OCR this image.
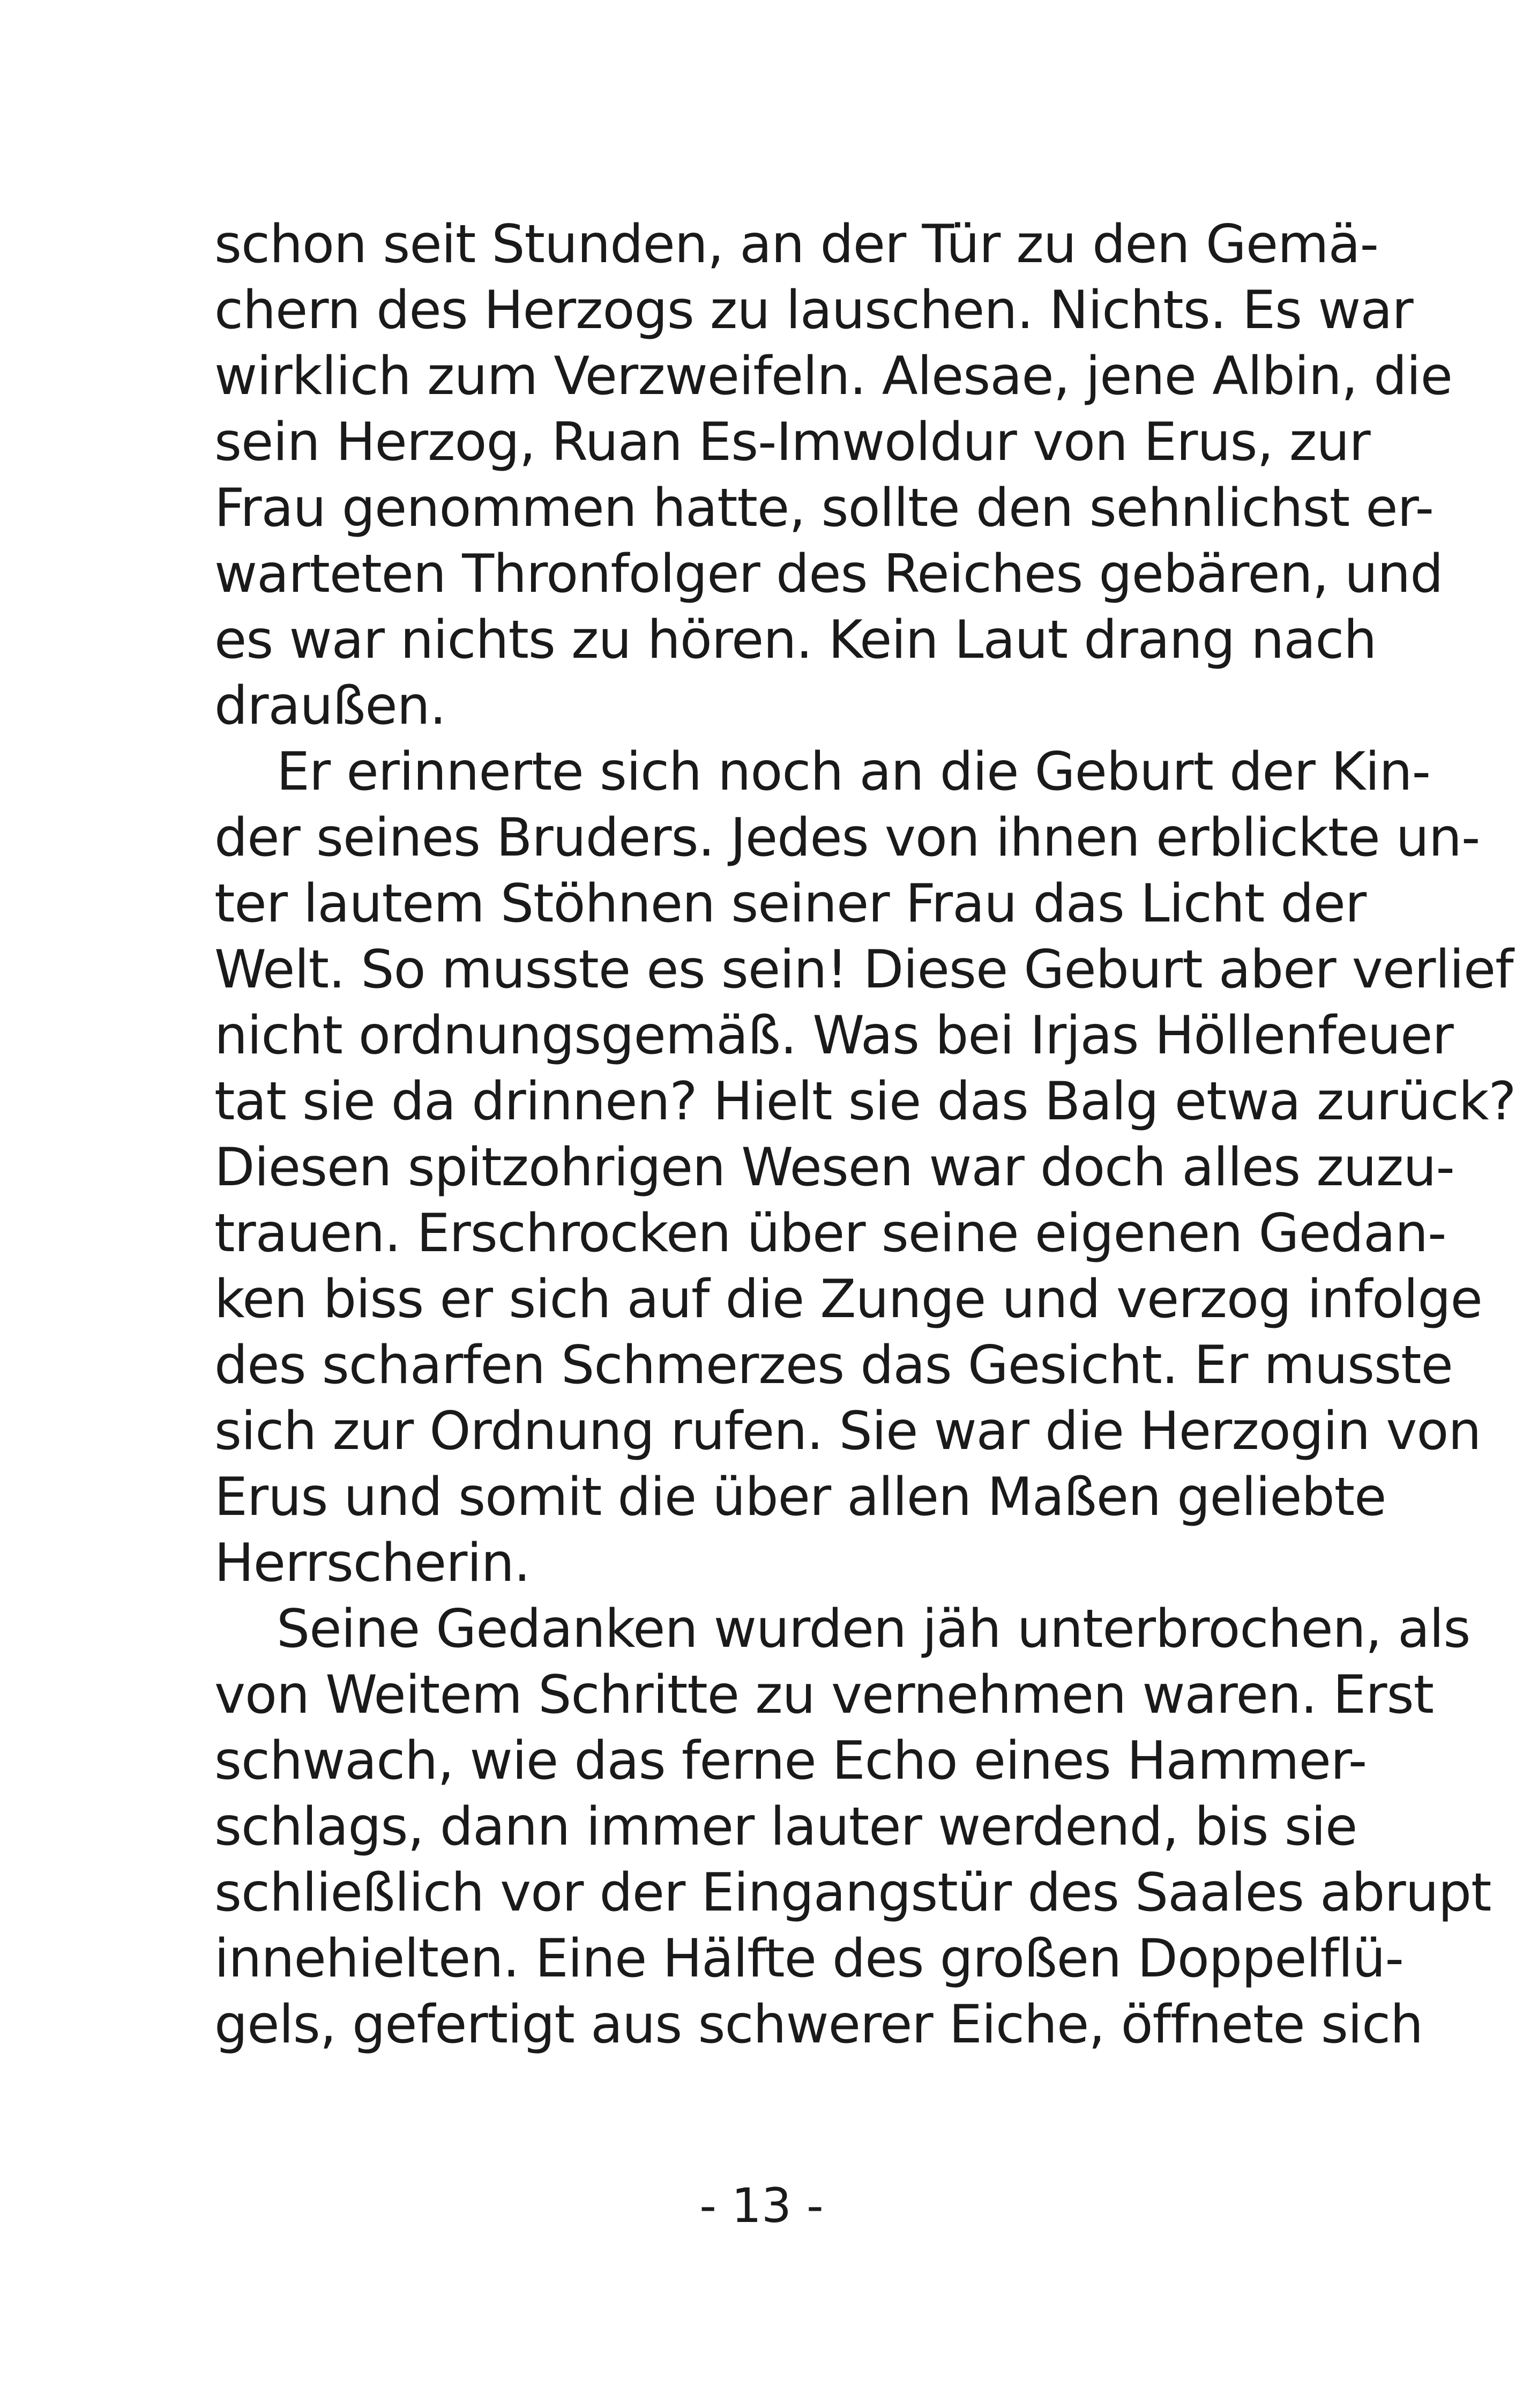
schon seit Stunden, an der Tür zu den Gemä-
chern des Herzogs zu lauschen. Nichts. Es war
wirklich zum Verzweifeln. Alesae, jene Albin, die
sein Herzog, Ruan Es-Imwoldur von Erus, zur
Frau genommen hatte, sollte den sehnlichst er-
warteten Thronfolger des Reiches gebären, und
es war nichts zu hören. Kein Laut drang nach
draußen.
Er erinnerte sich noch an die Geburt der Kin-
der seines Bruders. Jedes von ihnen erblickte un-
ter lautem Stöhnen seiner Frau das Licht der
Welt. So musste es sein! Diese Geburt aber verlief
nicht ordnungsgemäß. Was bei Irjas Höllenfeuer
tat sie da drinnen? Hielt sie das Balg etwa zurück?
Diesen spitzohrigen Wesen war doch alles zuzu-
trauen. Erschrocken über seine eigenen Gedan-
ken biss er sich auf die Zunge und verzog infolge
des scharfen Schmerzes das Gesicht. Er musste
sich zur Ordnung rufen. Sie war die Herzogin von
Erus und somit die über allen Maßen geliebte
Herrscherin.
Seine Gedanken wurden jäh unterbrochen, als
von Weitem Schritte zu vernehmen waren. Erst
schwach, wie das ferne Echo eines Hammer-
schlags, dann immer lauter werdend, bis sie
schließlich vor der Eingangstür des Saales abrupt
innehielten. Eine Hälfte des großen Doppelflü-
gels, gefertigt aus schwerer Eiche, öffnete sich
- 13 -
